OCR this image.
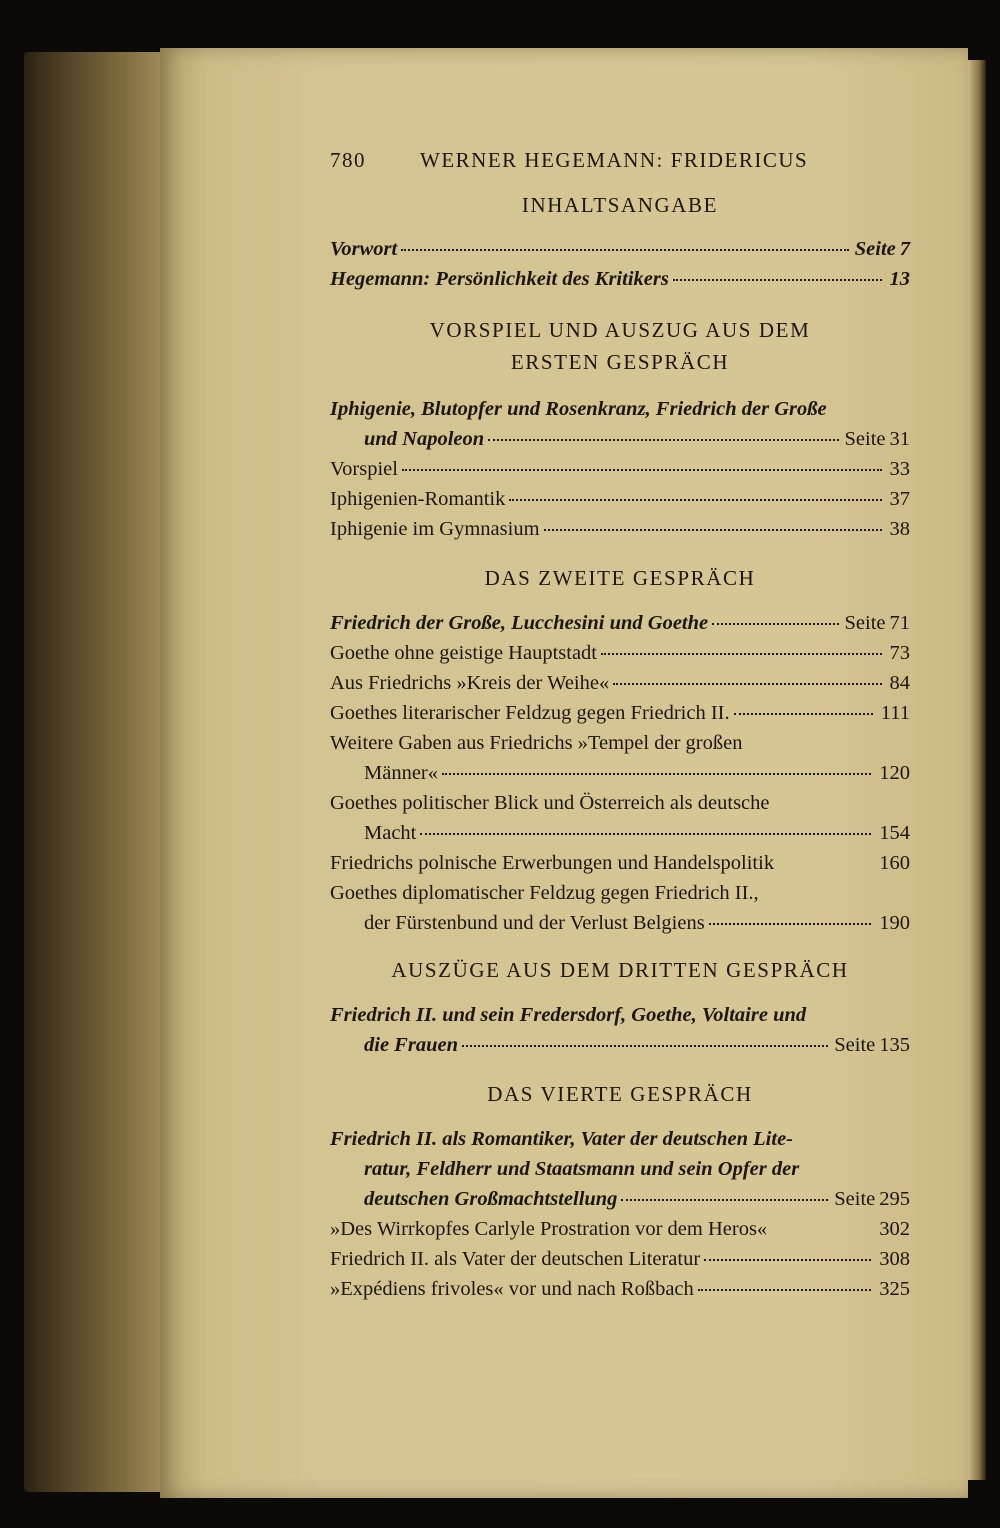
780	WERNER HEGEMANN: FRIDERICUS
INHALTSANGABE
Vorwort	Seite 7
Hegemann: Persönlichkeit des Kritikers	13
VORSPIEL UND AUSZUG AUS DEM
ERSTEN GESPRÄCH
Iphigenie, Blutopfer und Rosenkranz, Friedrich der Große
und Napoleon	Seite 31
Vorspiel	33
Iphigenien-Romantik	37
Iphigenie im Gymnasium	38
DAS ZWEITE GESPRÄCH
Friedrich der Große, Lucchesini und Goethe	Seite 71
Goethe ohne geistige Hauptstadt	73
Aus Friedrichs »Kreis der Weihe«	84
Goethes literarischer Feldzug gegen Friedrich II.	111
Weitere Gaben aus Friedrichs »Tempel der großen
Männer«	120
Goethes politischer Blick und Österreich als deutsche
Macht	154
Friedrichs polnische Erwerbungen und Handelspolitik	160
Goethes diplomatischer Feldzug gegen Friedrich II.,
der Fürstenbund und der Verlust Belgiens	190
AUSZÜGE AUS DEM DRITTEN GESPRÄCH
Friedrich II. und sein Fredersdorf, Goethe, Voltaire und
die Frauen	Seite 135
DAS VIERTE GESPRÄCH
Friedrich II. als Romantiker, Vater der deutschen Lite-
ratur, Feldherr und Staatsmann und sein Opfer der
deutschen Großmachtstellung	Seite 295
»Des Wirrkopfes Carlyle Prostration vor dem Heros«	302
Friedrich II. als Vater der deutschen Literatur	308
»Expédiens frivoles« vor und nach Roßbach	325
